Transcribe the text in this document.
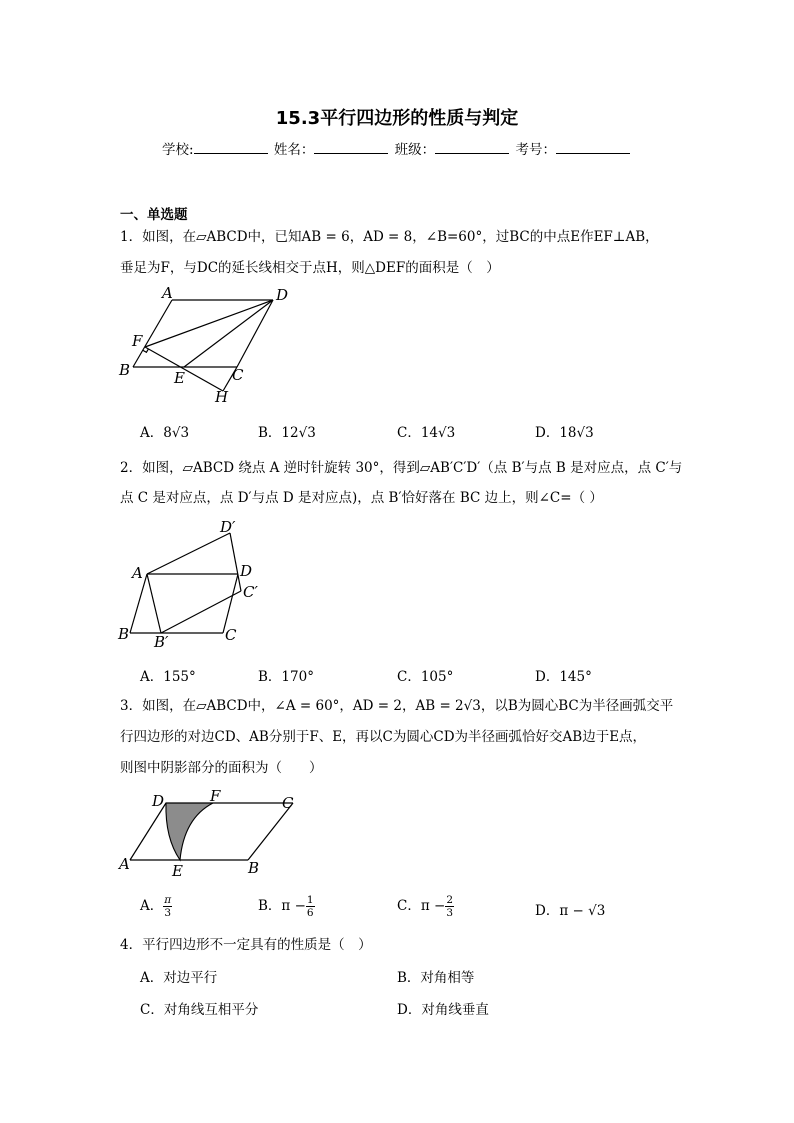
15.3平行四边形的性质与判定
学校:	姓名：	班级：	考号：
一、单选题
1．如图，在▱ABCD中，已知AB = 6，AD = 8，∠B=60°，过BC的中点E作EF⊥AB，
垂足为F，与DC的延长线相交于点H，则△DEF的面积是（　）
A	D
F
B	E	C
H
A．8√3	B．12√3	C．14√3	D．18√3
2．如图，▱ABCD 绕点 A 逆时针旋转 30°，得到▱AB′C′D′（点 B′与点 B 是对应点，点 C′与
点 C 是对应点，点 D′与点 D 是对应点)，点 B′恰好落在 BC 边上，则∠C=（ ）
A
D′
D
C′
B B′	C
A．155°	B．170°	C．105°	D．145°
3．如图，在▱ABCD中，∠A = 60°，AD = 2，AB = 2√3，以B为圆心BC为半径画弧交平
行四边形的对边CD、AB分别于F、E，再以C为圆心CD为半径画弧恰好交AB边于E点，
则图中阴影部分的面积为（　　）
D	F	C
A	E	B
A． $\frac{\pi}{3}$	B．$\pi - \frac{1}{6}$	C．$\pi - \frac{2}{3}$	D．π − √3
4．平行四边形不一定具有的性质是（　）
A．对边平行	B．对角相等
C．对角线互相平分	D．对角线垂直
